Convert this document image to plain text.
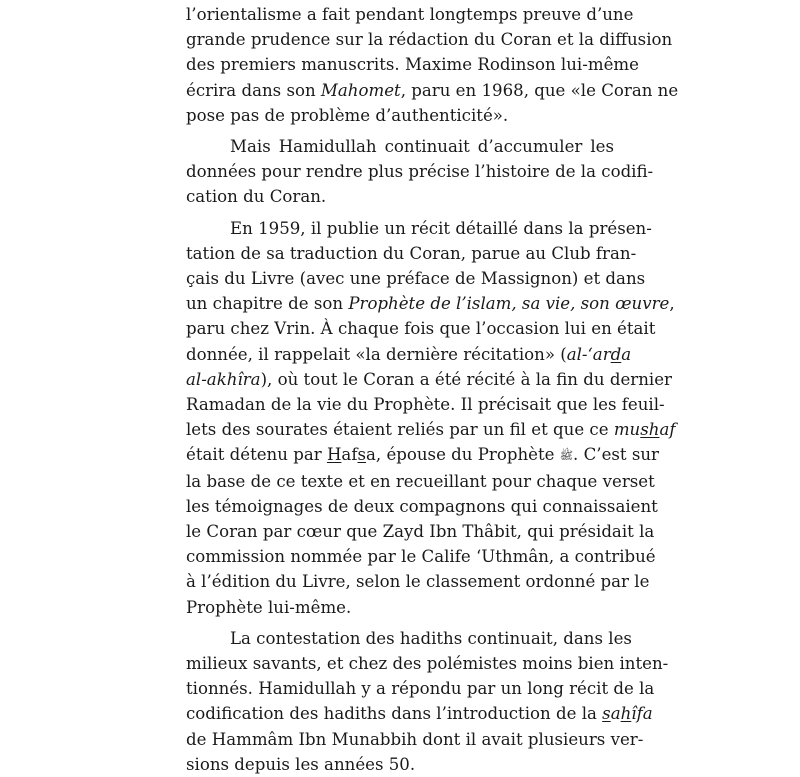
l’orientalisme a fait pendant longtemps preuve d’une
grande prudence sur la rédaction du Coran et la diffusion
des premiers manuscrits. Maxime Rodinson lui-même
écrira dans son Mahomet, paru en 1968, que «le Coran ne
pose pas de problème d’authenticité».

Mais Hamidullah continuait d’accumuler les
données pour rendre plus précise l’histoire de la codifi-
cation du Coran.

En 1959, il publie un récit détaillé dans la présen-
tation de sa traduction du Coran, parue au Club fran-
çais du Livre (avec une préface de Massignon) et dans
un chapitre de son Prophète de l’islam, sa vie, son œuvre,
paru chez Vrin. À chaque fois que l’occasion lui en était
donnée, il rappelait «la dernière récitation» (al-‘arda
al-akhîra), où tout le Coran a été récité à la fin du dernier
Ramadan de la vie du Prophète. Il précisait que les feuil-
lets des sourates étaient reliés par un fil et que ce mushaf
était détenu par Hafsa, épouse du Prophète ﷺ. C’est sur
la base de ce texte et en recueillant pour chaque verset
les témoignages de deux compagnons qui connaissaient
le Coran par cœur que Zayd Ibn Thâbit, qui présidait la
commission nommée par le Calife ‘Uthmân, a contribué
à l’édition du Livre, selon le classement ordonné par le
Prophète lui-même.

La contestation des hadiths continuait, dans les
milieux savants, et chez des polémistes moins bien inten-
tionnés. Hamidullah y a répondu par un long récit de la
codification des hadiths dans l’introduction de la sahîfa
de Hammâm Ibn Munabbih dont il avait plusieurs ver-
sions depuis les années 50.
